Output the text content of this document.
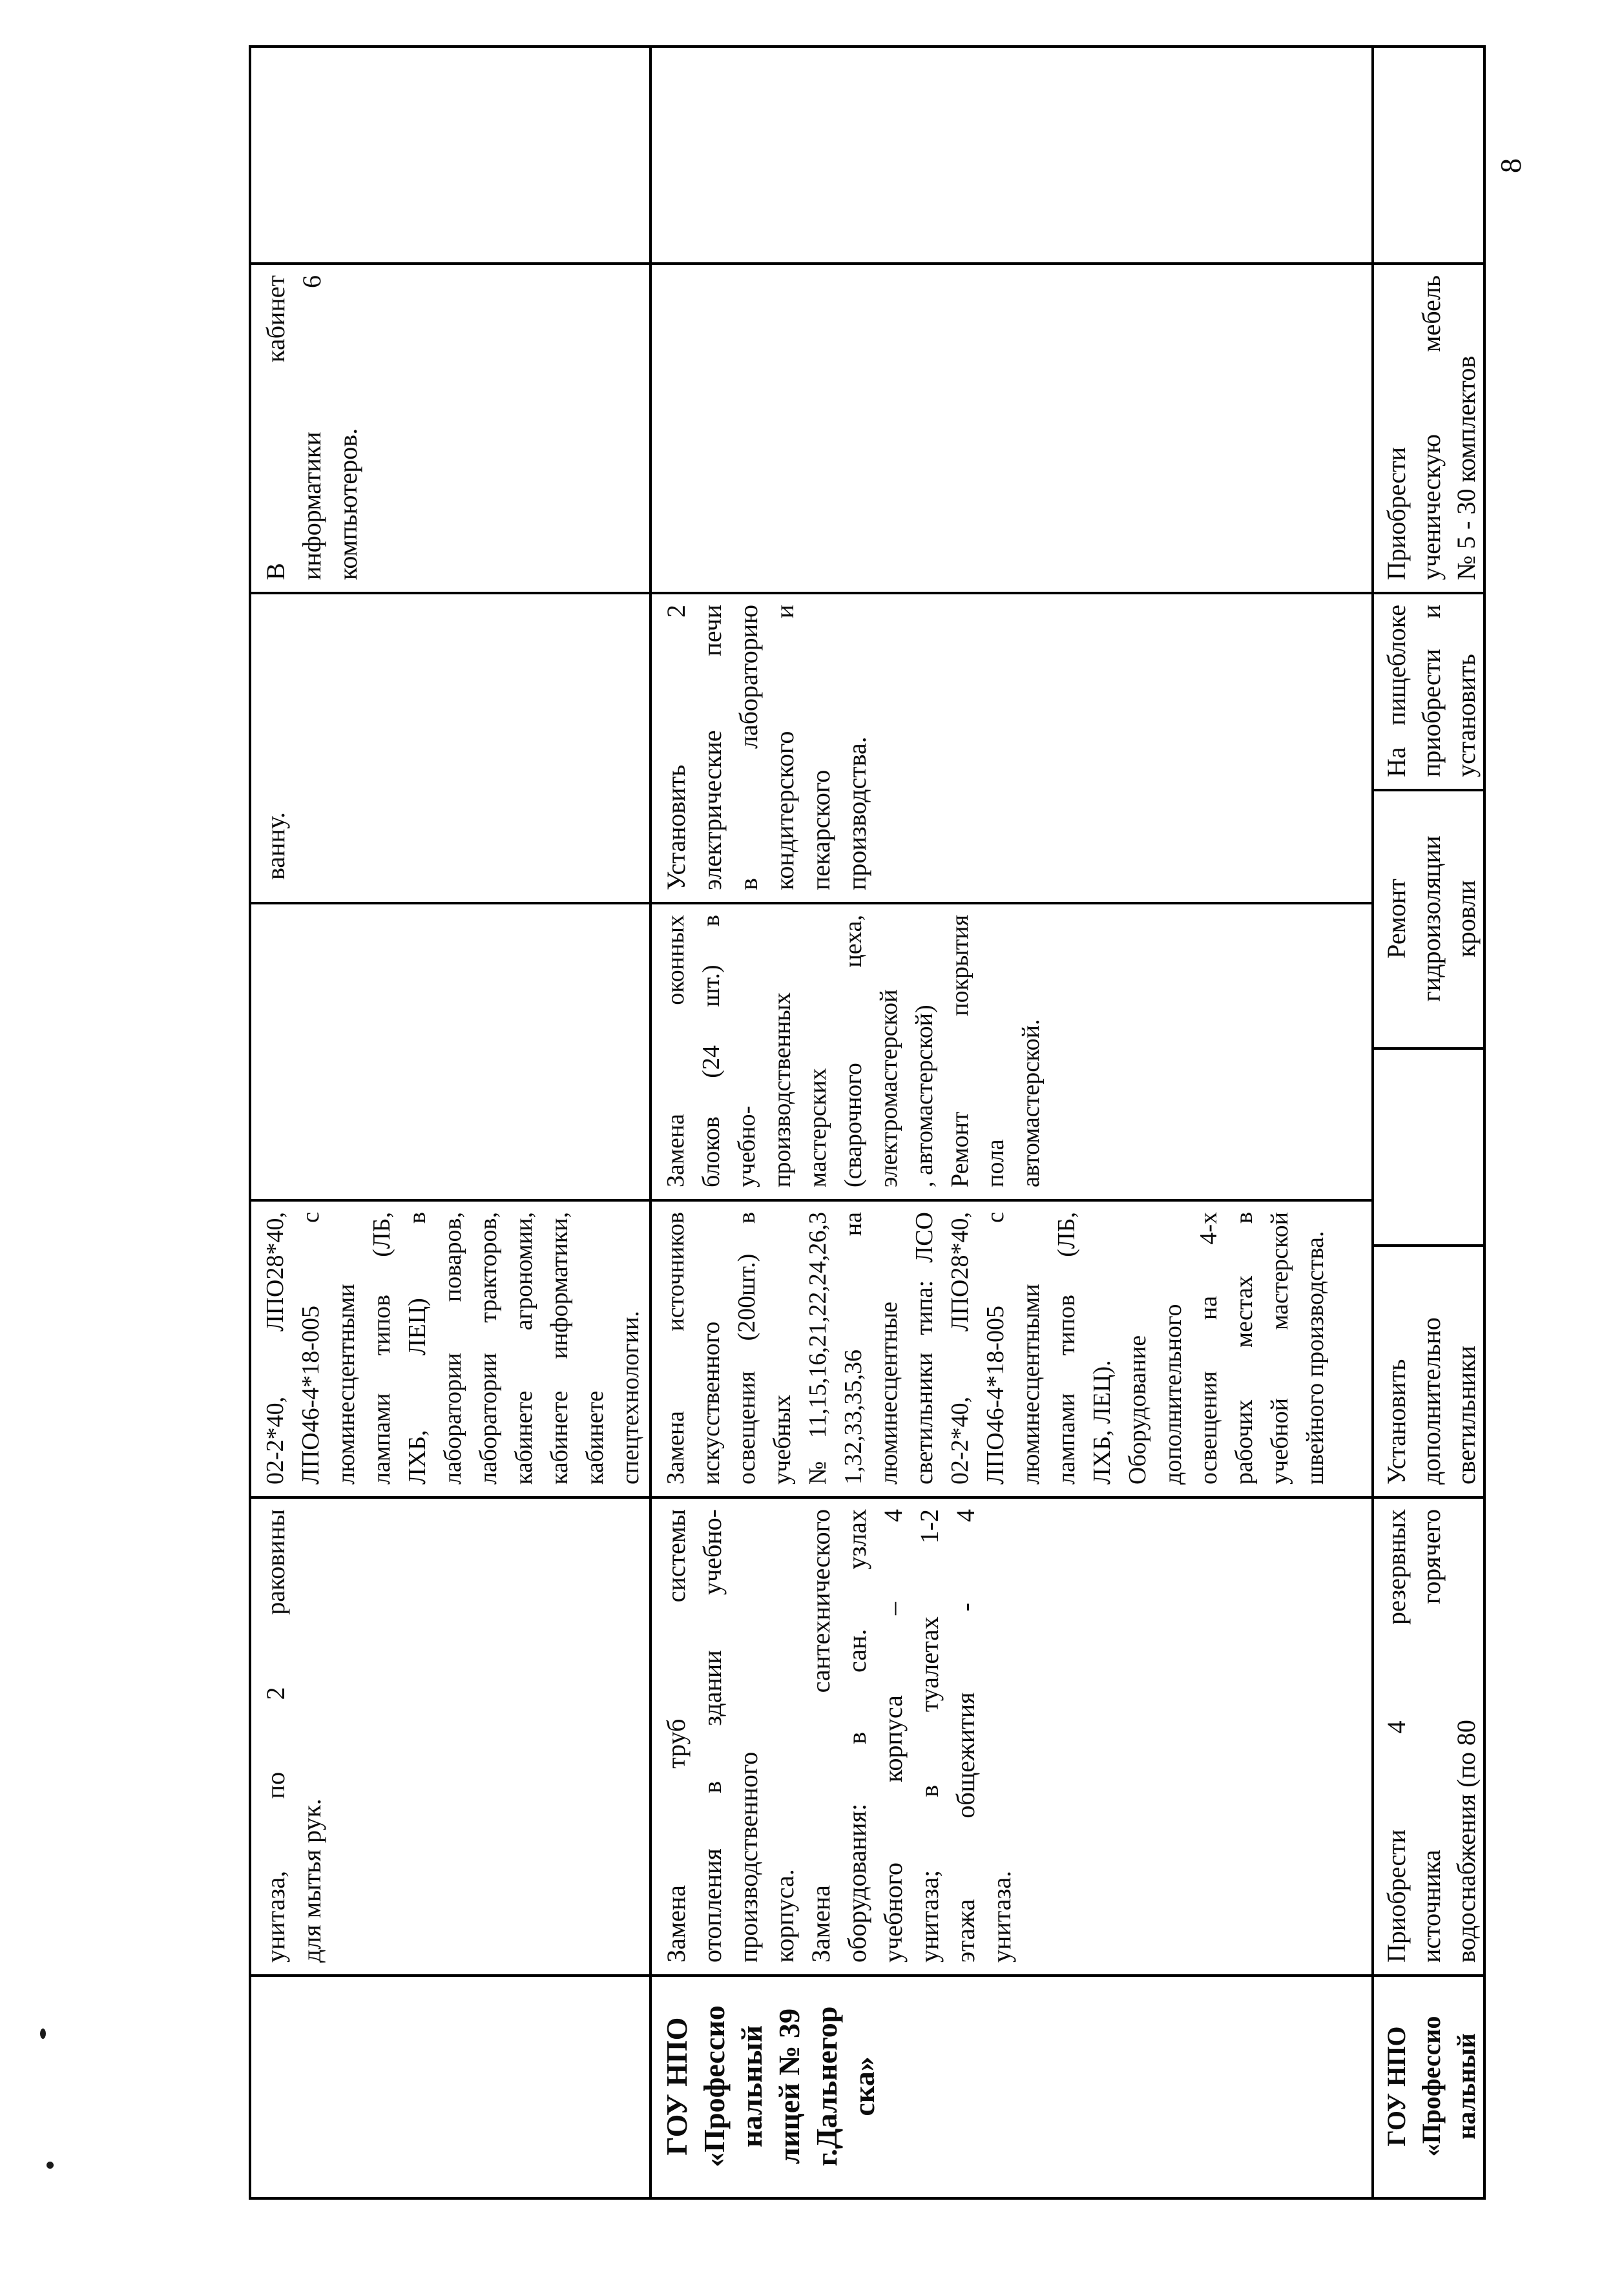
унитаза, по 2 раковины для мытья рук.
02-2*40, ЛПО28*40, ЛПО46-4*18-005 с люминесцентными лампами типов (ЛБ, ЛХБ, ЛЕЦ) в лаборатории поваров, лаборатории тракторов, кабинете агрономии, кабинете информатики, кабинете спецтехнологии.
ванну.
В кабинет информатики 6 компьютеров.
ГОУ НПО «Профессио нальный лицей № 39 г.Дальнегор ска»
Замена труб системы отопления в здании учебно- производственного корпуса. Замена сантехнического оборудования: в сан. узлах учебного корпуса – 4 унитаза; в туалетах 1-2 этажа общежития - 4 унитаза.
Замена источников искусственного освещения (200шт.) в учебных №11,15,16,21,22,24,26,3 1,32,33,35,36 на люминесцентные светильники типа: ЛСО 02-2*40, ЛПО28*40, ЛПО46-4*18-005 с люминесцентными лампами типов (ЛБ, ЛХБ, ЛЕЦ). Оборудование дополнительного освещения на 4-х рабочих местах в учебной мастерской швейного производства.
Замена оконных блоков (24 шт.) в учебно- производственных мастерских (сварочного цеха, электромастерской , автомастерской) Ремонт покрытия пола автомастерской.
Установить 2 электрические печи в лабораторию кондитерского и пекарского производства.
ГОУ НПО «Профессио нальный
Приобрести 4 резервных источника горячего водоснабжения (по 80
Установить дополнительно светильники
Ремонт гидроизоляции кровли
На пищеблоке приобрести и установить
Приобрести ученическую мебель № 5 - 30 комплектов
8
